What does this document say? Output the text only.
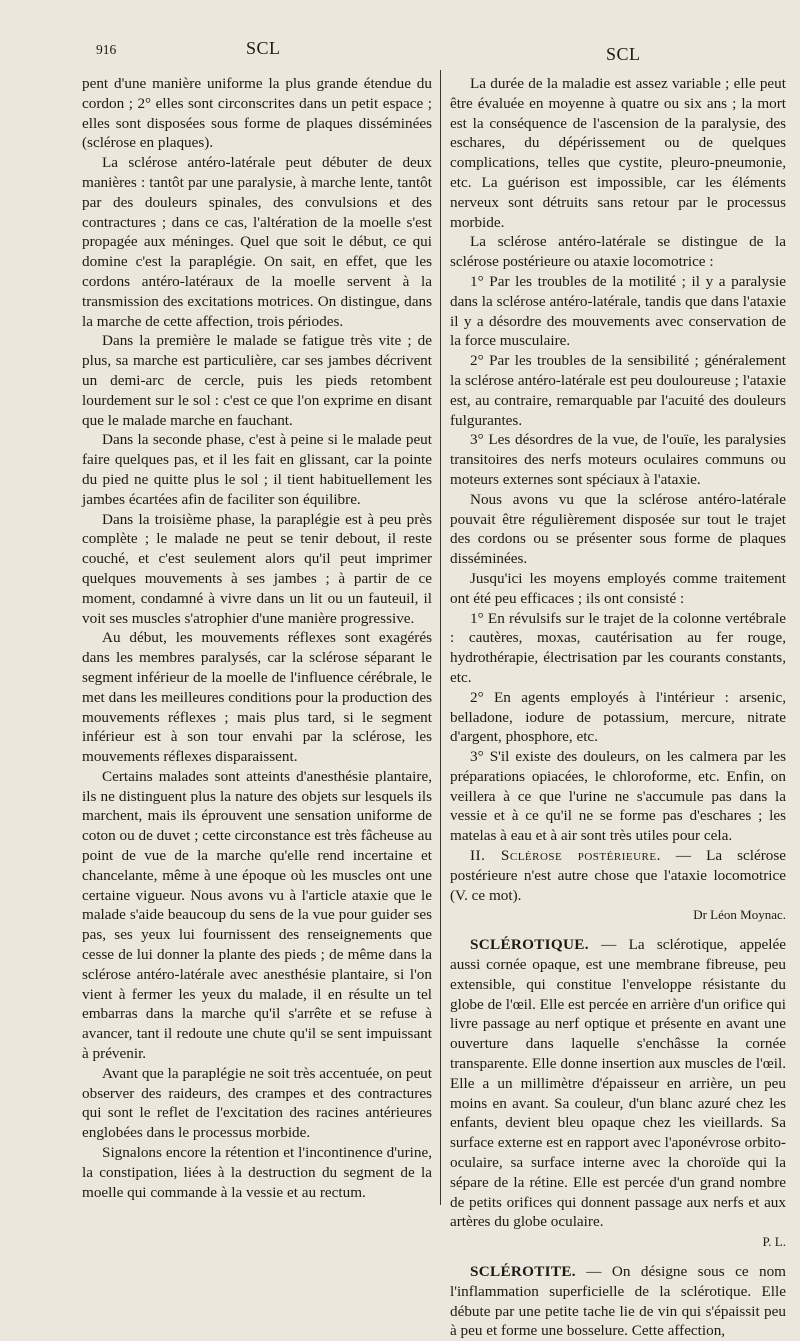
916	SCL	SCL

pent d'une manière uniforme la plus grande étendue du cordon ; 2° elles sont circonscrites dans un petit espace ; elles sont disposées sous forme de plaques disséminées (sclérose en plaques).

La sclérose antéro-latérale peut débuter de deux manières : tantôt par une paralysie, à marche lente, tantôt par des douleurs spinales, des convulsions et des contractures ; dans ce cas, l'altération de la moelle s'est propagée aux méninges. Quel que soit le début, ce qui domine c'est la paraplégie. On sait, en effet, que les cordons antéro-latéraux de la moelle servent à la transmission des excitations motrices. On distingue, dans la marche de cette affection, trois périodes.

Dans la première le malade se fatigue très vite ; de plus, sa marche est particulière, car ses jambes décrivent un demi-arc de cercle, puis les pieds retombent lourdement sur le sol : c'est ce que l'on exprime en disant que le malade marche en fauchant.

Dans la seconde phase, c'est à peine si le malade peut faire quelques pas, et il les fait en glissant, car la pointe du pied ne quitte plus le sol ; il tient habituellement les jambes écartées afin de faciliter son équilibre.

Dans la troisième phase, la paraplégie est à peu près complète ; le malade ne peut se tenir debout, il reste couché, et c'est seulement alors qu'il peut imprimer quelques mouvements à ses jambes ; à partir de ce moment, condamné à vivre dans un lit ou un fauteuil, il voit ses muscles s'atrophier d'une manière progressive.

Au début, les mouvements réflexes sont exagérés dans les membres paralysés, car la sclérose séparant le segment inférieur de la moelle de l'influence cérébrale, le met dans les meilleures conditions pour la production des mouvements réflexes ; mais plus tard, si le segment inférieur est à son tour envahi par la sclérose, les mouvements réflexes disparaissent.

Certains malades sont atteints d'anesthésie plantaire, ils ne distinguent plus la nature des objets sur lesquels ils marchent, mais ils éprouvent une sensation uniforme de coton ou de duvet ; cette circonstance est très fâcheuse au point de vue de la marche qu'elle rend incertaine et chancelante, même à une époque où les muscles ont une certaine vigueur. Nous avons vu à l'article ataxie que le malade s'aide beaucoup du sens de la vue pour guider ses pas, ses yeux lui fournissent des renseignements que cesse de lui donner la plante des pieds ; de même dans la sclérose antéro-latérale avec anesthésie plantaire, si l'on vient à fermer les yeux du malade, il en résulte un tel embarras dans la marche qu'il s'arrête et se refuse à avancer, tant il redoute une chute qu'il se sent impuissant à prévenir.

Avant que la paraplégie ne soit très accentuée, on peut observer des raideurs, des crampes et des contractures qui sont le reflet de l'excitation des racines antérieures englobées dans le processus morbide.

Signalons encore la rétention et l'incontinence d'urine, la constipation, liées à la destruction du segment de la moelle qui commande à la vessie et au rectum.

La durée de la maladie est assez variable ; elle peut être évaluée en moyenne à quatre ou six ans ; la mort est la conséquence de l'ascension de la paralysie, des eschares, du dépérissement ou de quelques complications, telles que cystite, pleuro-pneumonie, etc. La guérison est impossible, car les éléments nerveux sont détruits sans retour par le processus morbide.

La sclérose antéro-latérale se distingue de la sclérose postérieure ou ataxie locomotrice :

1° Par les troubles de la motilité ; il y a paralysie dans la sclérose antéro-latérale, tandis que dans l'ataxie il y a désordre des mouvements avec conservation de la force musculaire.

2° Par les troubles de la sensibilité ; généralement la sclérose antéro-latérale est peu douloureuse ; l'ataxie est, au contraire, remarquable par l'acuité des douleurs fulgurantes.

3° Les désordres de la vue, de l'ouïe, les paralysies transitoires des nerfs moteurs oculaires communs ou moteurs externes sont spéciaux à l'ataxie.

Nous avons vu que la sclérose antéro-latérale pouvait être régulièrement disposée sur tout le trajet des cordons ou se présenter sous forme de plaques disséminées.

Jusqu'ici les moyens employés comme traitement ont été peu efficaces ; ils ont consisté :

1° En révulsifs sur le trajet de la colonne vertébrale : cautères, moxas, cautérisation au fer rouge, hydrothérapie, électrisation par les courants constants, etc.

2° En agents employés à l'intérieur : arsenic, belladone, iodure de potassium, mercure, nitrate d'argent, phosphore, etc.

3° S'il existe des douleurs, on les calmera par les préparations opiacées, le chloroforme, etc. Enfin, on veillera à ce que l'urine ne s'accumule pas dans la vessie et à ce qu'il ne se forme pas d'eschares ; les matelas à eau et à air sont très utiles pour cela.

II. Sclérose postérieure. — La sclérose postérieure n'est autre chose que l'ataxie locomotrice (V. ce mot).

Dr Léon Moynac.

SCLÉROTIQUE. — La sclérotique, appelée aussi cornée opaque, est une membrane fibreuse, peu extensible, qui constitue l'enveloppe résistante du globe de l'œil. Elle est percée en arrière d'un orifice qui livre passage au nerf optique et présente en avant une ouverture dans laquelle s'enchâsse la cornée transparente. Elle donne insertion aux muscles de l'œil. Elle a un millimètre d'épaisseur en arrière, un peu moins en avant. Sa couleur, d'un blanc azuré chez les enfants, devient bleu opaque chez les vieillards. Sa surface externe est en rapport avec l'aponévrose orbito-oculaire, sa surface interne avec la choroïde qui la sépare de la rétine. Elle est percée d'un grand nombre de petits orifices qui donnent passage aux nerfs et aux artères du globe oculaire.

P. L.

SCLÉROTITE. — On désigne sous ce nom l'inflammation superficielle de la sclérotique. Elle débute par une petite tache lie de vin qui s'épaissit peu à peu et forme une bosselure. Cette affection,
